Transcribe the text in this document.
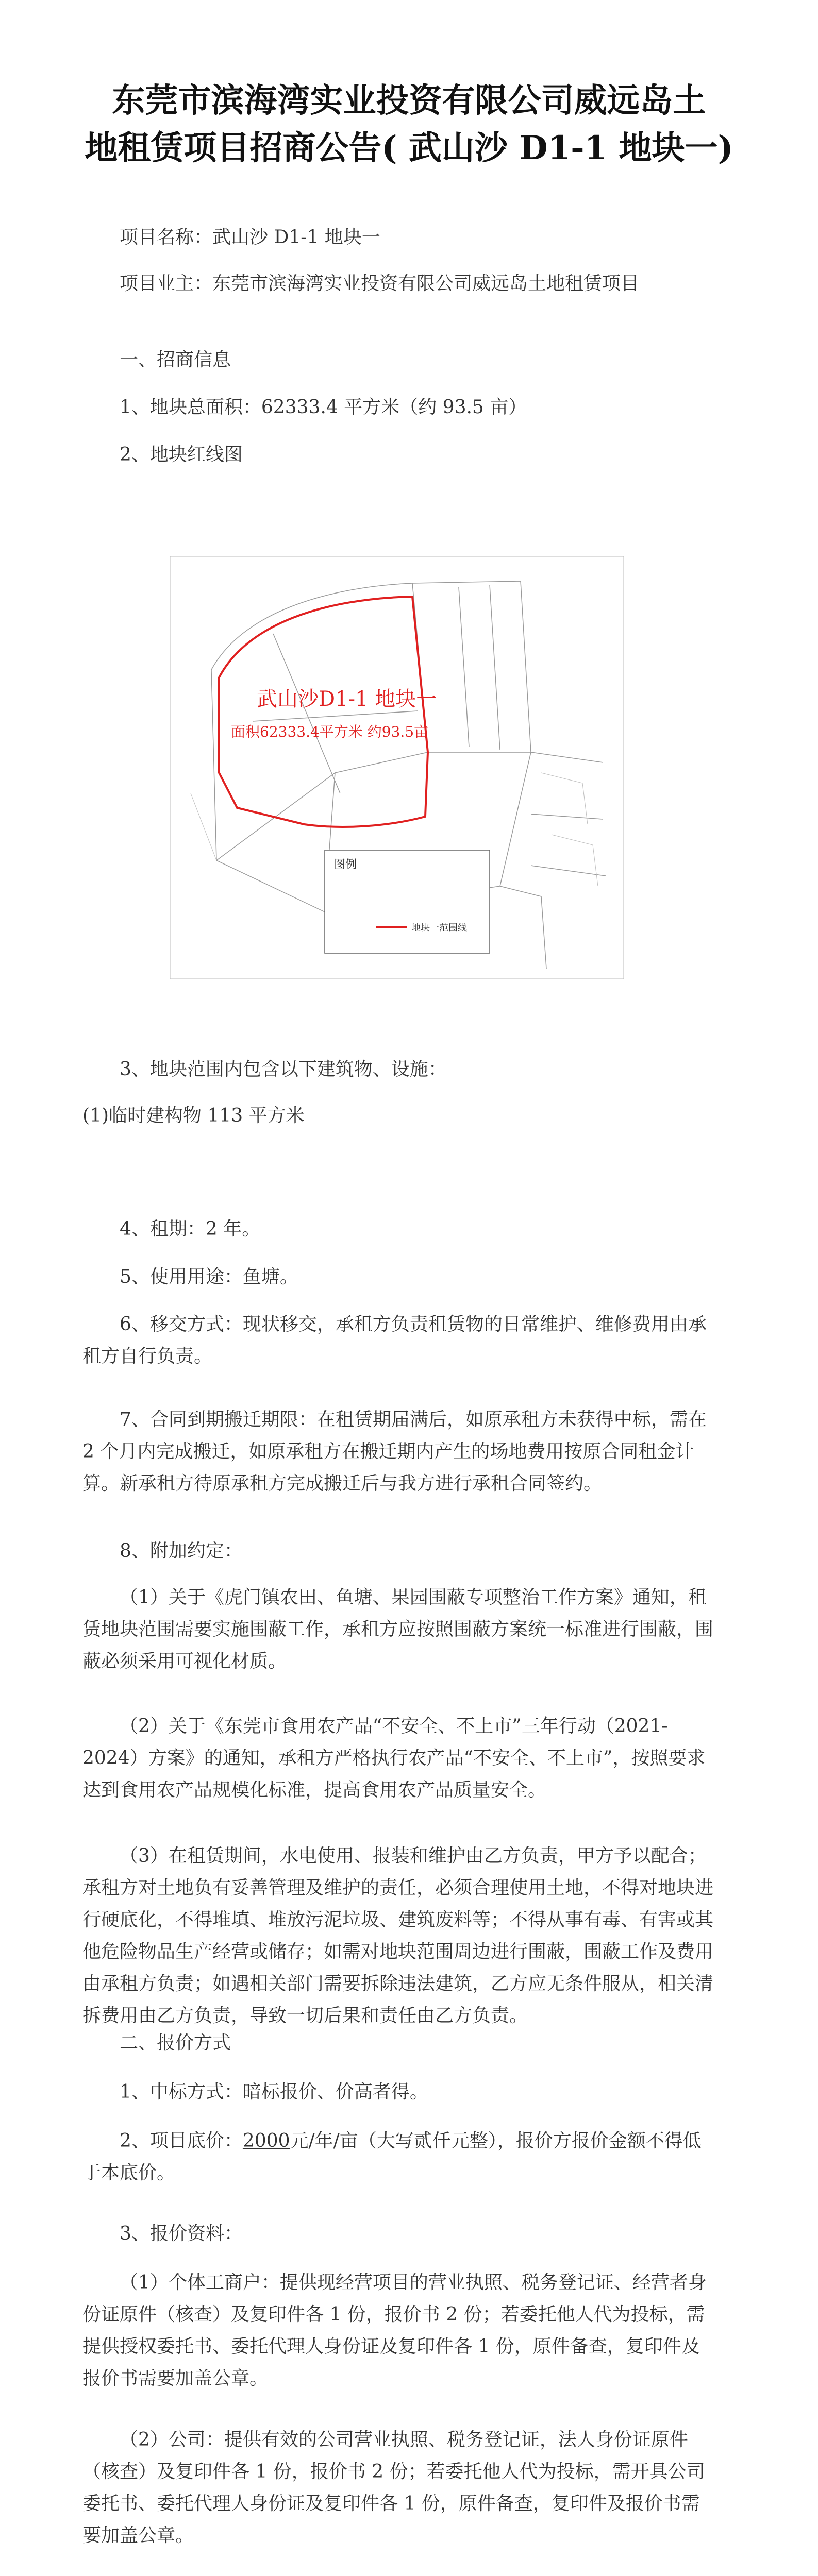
东莞市滨海湾实业投资有限公司威远岛土
地租赁项目招商公告( 武山沙 D1-1 地块一)
项目名称：武山沙 D1-1 地块一
项目业主：东莞市滨海湾实业投资有限公司威远岛土地租赁项目
一、招商信息
1、地块总面积：62333.4 平方米（约 93.5 亩）
2、地块红线图
武山沙D1-1 地块一
面积62333.4平方米 约93.5亩
图例
地块一范围线
3、地块范围内包含以下建筑物、设施：
(1)临时建构物 113 平方米
4、租期：2 年。
5、使用用途：鱼塘。
6、移交方式：现状移交，承租方负责租赁物的日常维护、维修费用由承租方自行负责。
7、合同到期搬迁期限：在租赁期届满后，如原承租方未获得中标，需在 2 个月内完成搬迁，如原承租方在搬迁期内产生的场地费用按原合同租金计算。新承租方待原承租方完成搬迁后与我方进行承租合同签约。
8、附加约定：
（1）关于《虎门镇农田、鱼塘、果园围蔽专项整治工作方案》通知，租赁地块范围需要实施围蔽工作，承租方应按照围蔽方案统一标准进行围蔽，围蔽必须采用可视化材质。
（2）关于《东莞市食用农产品“不安全、不上市”三年行动（2021-2024）方案》的通知，承租方严格执行农产品“不安全、不上市”，按照要求达到食用农产品规模化标准，提高食用农产品质量安全。
（3）在租赁期间，水电使用、报装和维护由乙方负责，甲方予以配合；承租方对土地负有妥善管理及维护的责任，必须合理使用土地，不得对地块进行硬底化，不得堆填、堆放污泥垃圾、建筑废料等；不得从事有毒、有害或其他危险物品生产经营或储存；如需对地块范围周边进行围蔽，围蔽工作及费用由承租方负责；如遇相关部门需要拆除违法建筑，乙方应无条件服从，相关清拆费用由乙方负责，导致一切后果和责任由乙方负责。
二、报价方式
1、中标方式：暗标报价、价高者得。
2、项目底价：2000元/年/亩（大写贰仟元整），报价方报价金额不得低于本底价。
3、报价资料：
（1）个体工商户：提供现经营项目的营业执照、税务登记证、经营者身份证原件（核查）及复印件各 1 份，报价书 2 份；若委托他人代为投标，需提供授权委托书、委托代理人身份证及复印件各 1 份，原件备查，复印件及报价书需要加盖公章。
（2）公司：提供有效的公司营业执照、税务登记证，法人身份证原件（核查）及复印件各 1 份，报价书 2 份；若委托他人代为投标，需开具公司委托书、委托代理人身份证及复印件各 1 份，原件备查，复印件及报价书需要加盖公章。
